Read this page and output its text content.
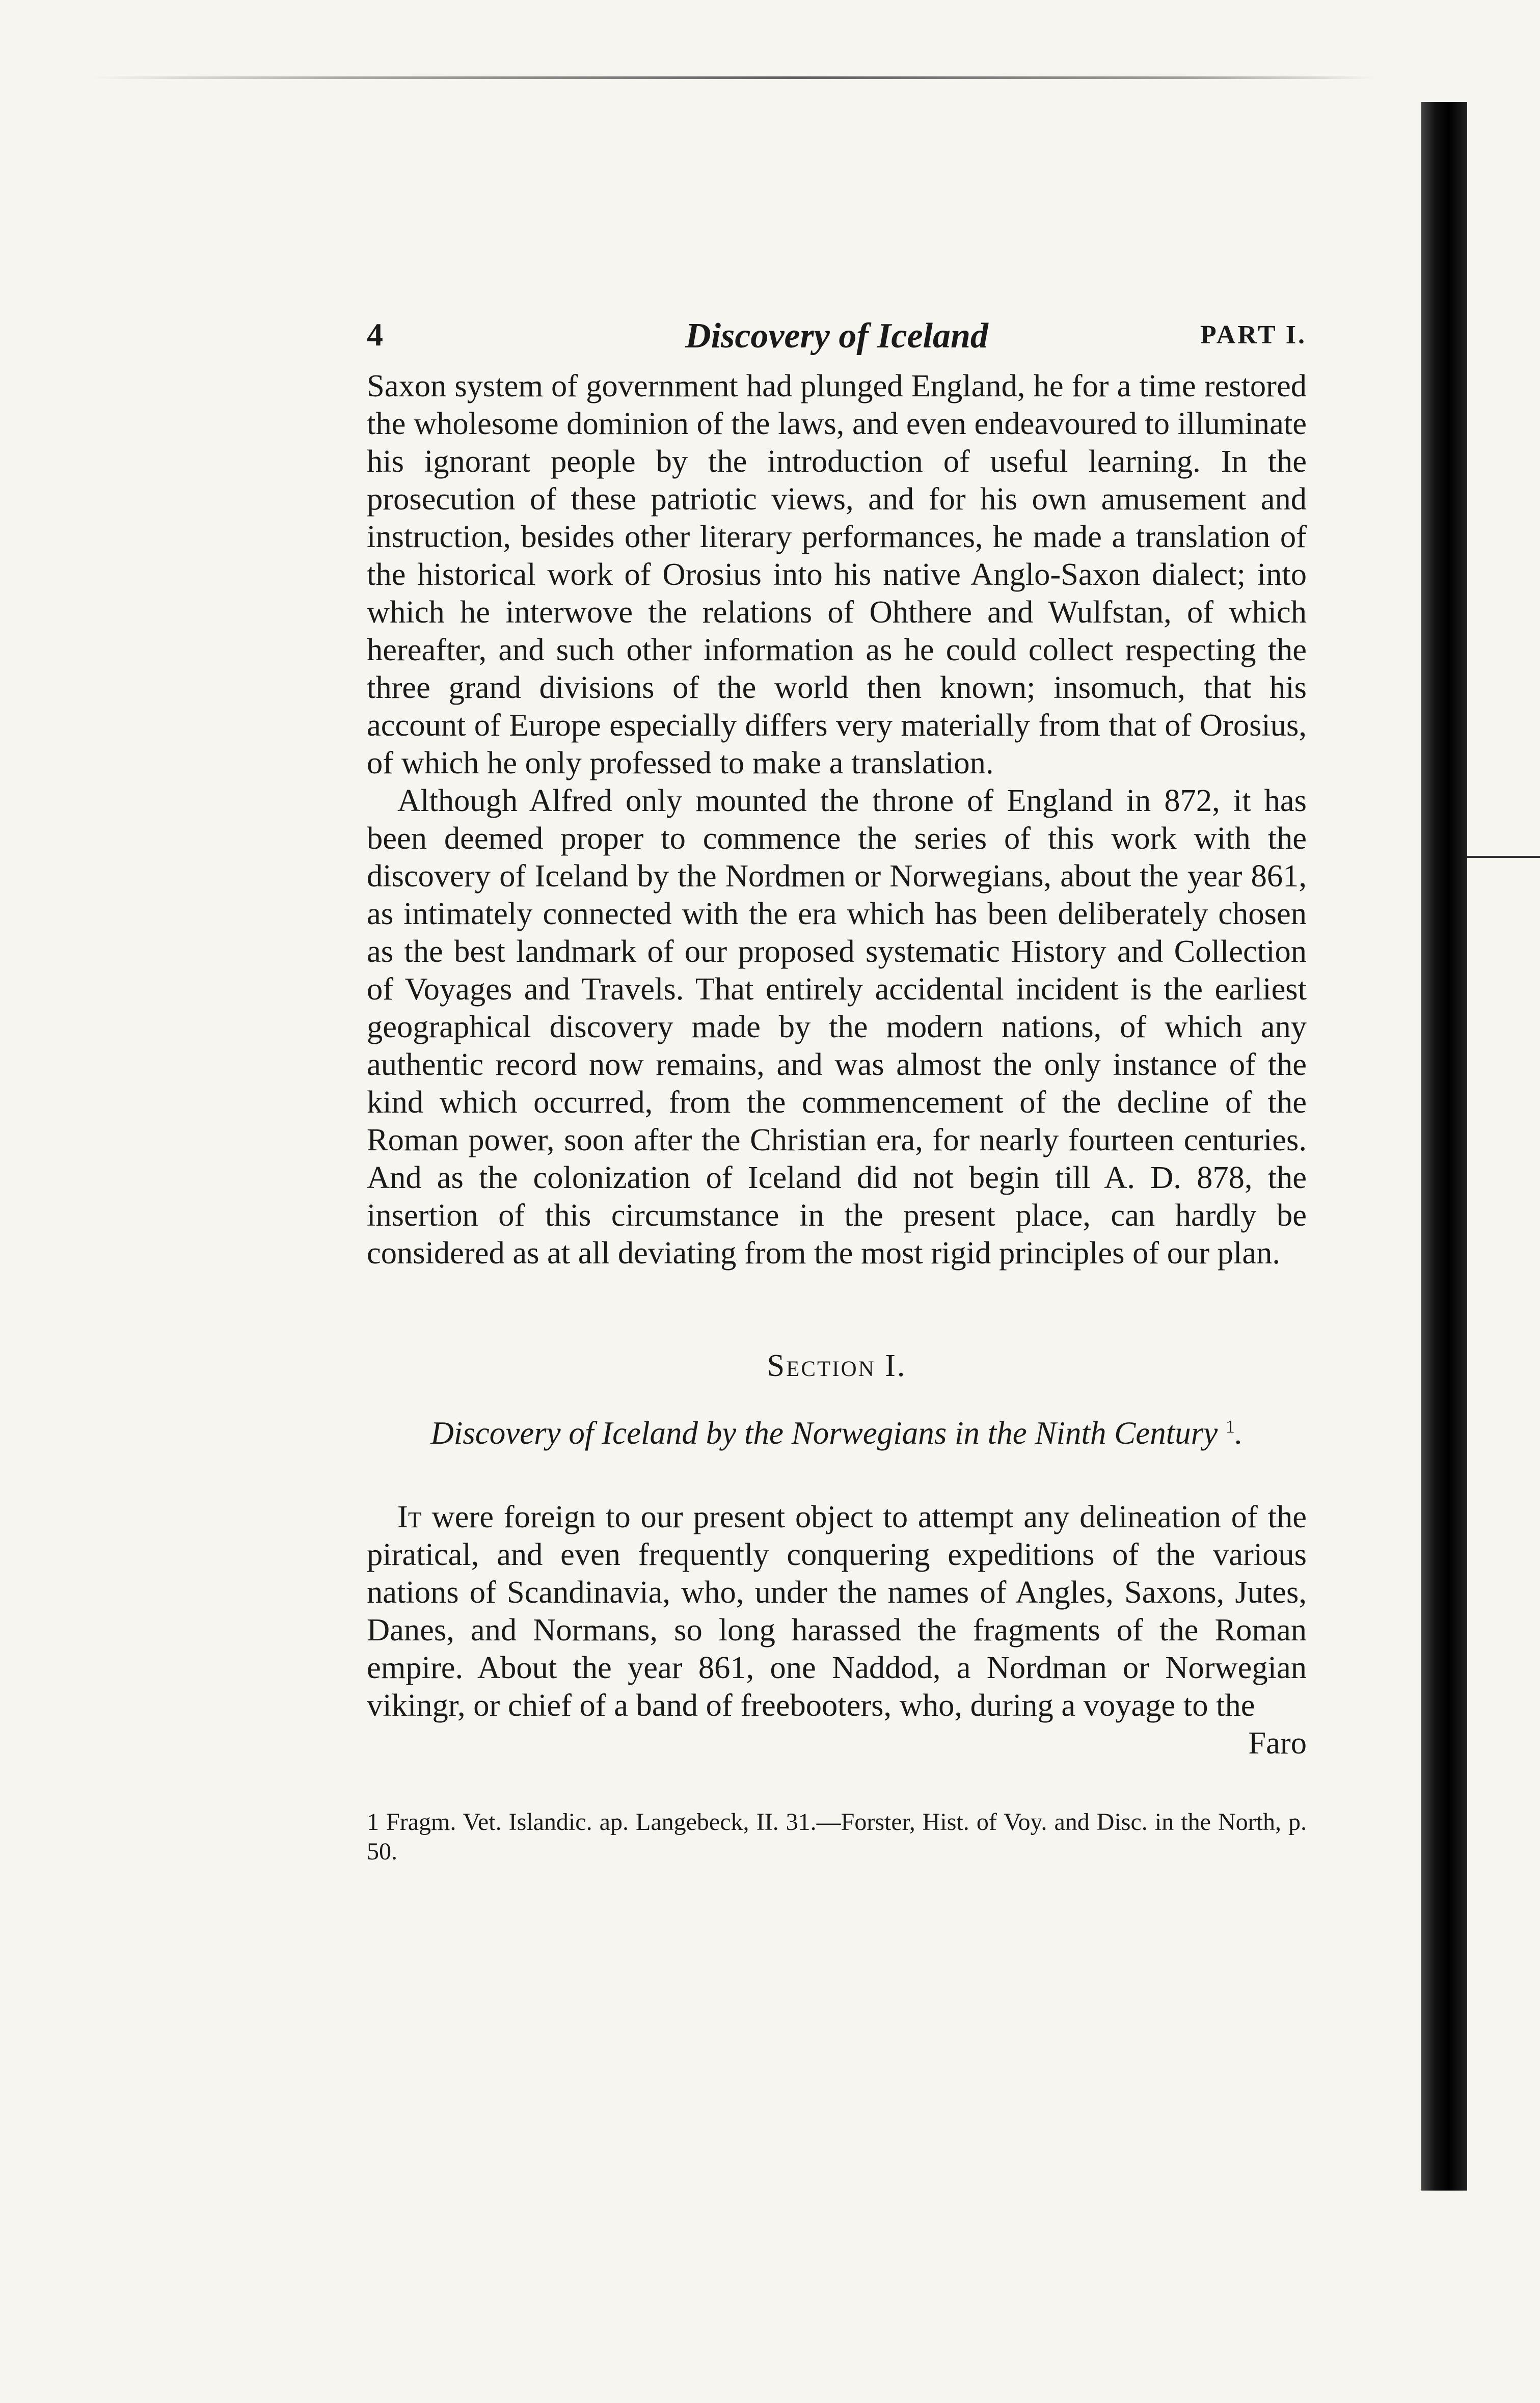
4	Discovery of Iceland	PART I.

Saxon system of government had plunged England, he for a time restored the wholesome dominion of the laws, and even endeavoured to illuminate his ignorant people by the introduction of useful learning. In the prosecution of these patriotic views, and for his own amusement and instruction, besides other literary performances, he made a translation of the historical work of Orosius into his native Anglo-Saxon dialect; into which he interwove the relations of Ohthere and Wulfstan, of which hereafter, and such other information as he could collect respecting the three grand divisions of the world then known; insomuch, that his account of Europe especially differs very materially from that of Orosius, of which he only professed to make a translation.

Although Alfred only mounted the throne of England in 872, it has been deemed proper to commence the series of this work with the discovery of Iceland by the Nordmen or Norwegians, about the year 861, as intimately connected with the era which has been deliberately chosen as the best landmark of our proposed systematic History and Collection of Voyages and Travels. That entirely accidental incident is the earliest geographical discovery made by the modern nations, of which any authentic record now remains, and was almost the only instance of the kind which occurred, from the commencement of the decline of the Roman power, soon after the Christian era, for nearly fourteen centuries. And as the colonization of Iceland did not begin till A. D. 878, the insertion of this circumstance in the present place, can hardly be considered as at all deviating from the most rigid principles of our plan.

Section I.
Discovery of Iceland by the Norwegians in the Ninth Century $^1$.

It were foreign to our present object to attempt any delineation of the piratical, and even frequently conquering expeditions of the various nations of Scandinavia, who, under the names of Angles, Saxons, Jutes, Danes, and Normans, so long harassed the fragments of the Roman empire. About the year 861, one Naddod, a Nordman or Norwegian vikingr, or chief of a band of freebooters, who, during a voyage to the

Faro
1 Fragm. Vet. Islandic. ap. Langebeck, II. 31.—Forster, Hist. of Voy. and Disc. in the North, p. 50.
